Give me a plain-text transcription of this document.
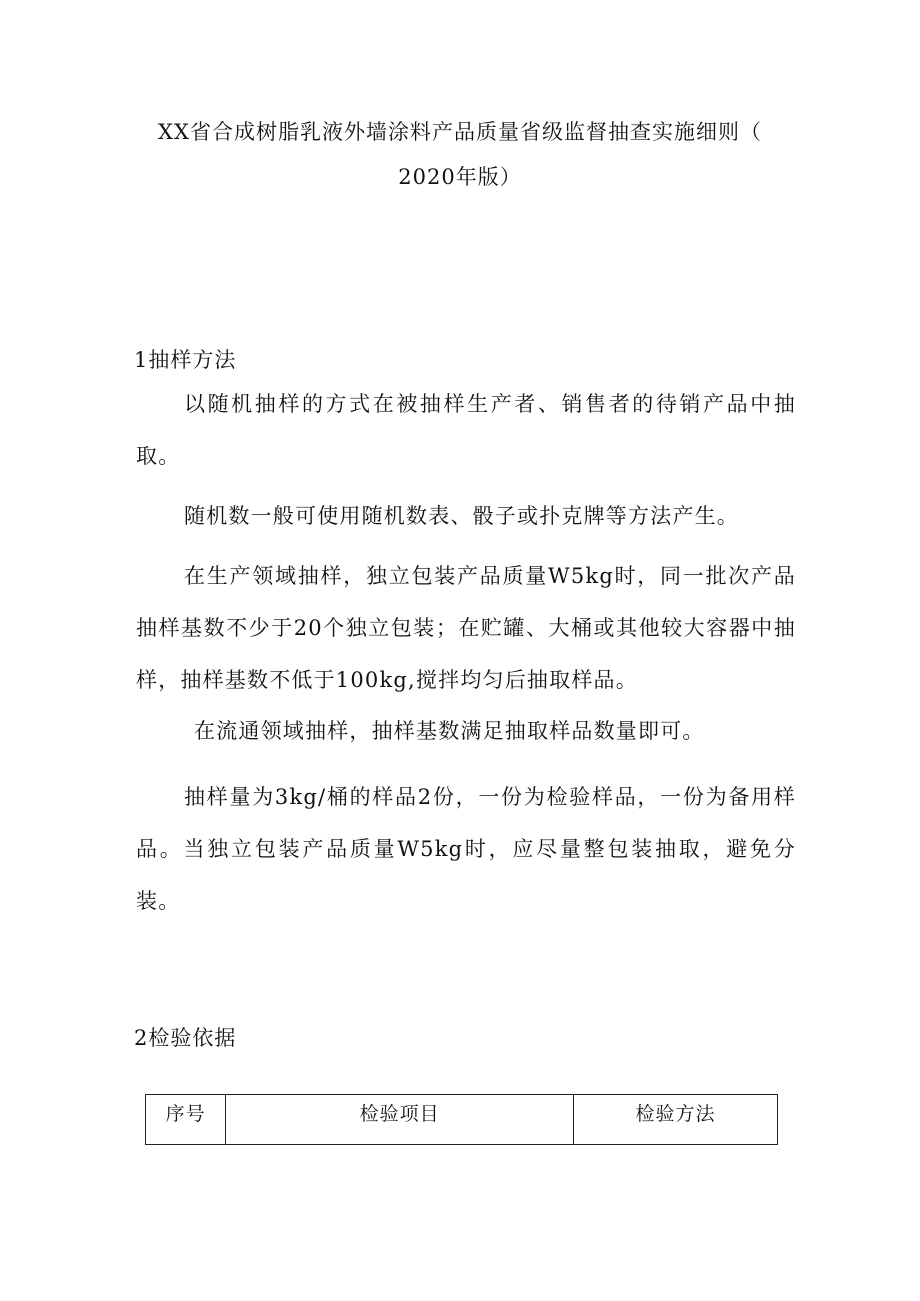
XX省合成树脂乳液外墙涂料产品质量省级监督抽查实施细则（
2020年版）
1抽样方法
以随机抽样的方式在被抽样生产者、销售者的待销产品中抽取。
随机数一般可使用随机数表、骰子或扑克牌等方法产生。
在生产领域抽样，独立包装产品质量W5kg时，同一批次产品抽样基数不少于20个独立包装；在贮罐、大桶或其他较大容器中抽样，抽样基数不低于100kg,搅拌均匀后抽取样品。
在流通领域抽样，抽样基数满足抽取样品数量即可。
抽样量为3kg/桶的样品2份，一份为检验样品，一份为备用样品。当独立包装产品质量W5kg时，应尽量整包装抽取，避免分装。
2检验依据
序号	检验项目	检验方法
